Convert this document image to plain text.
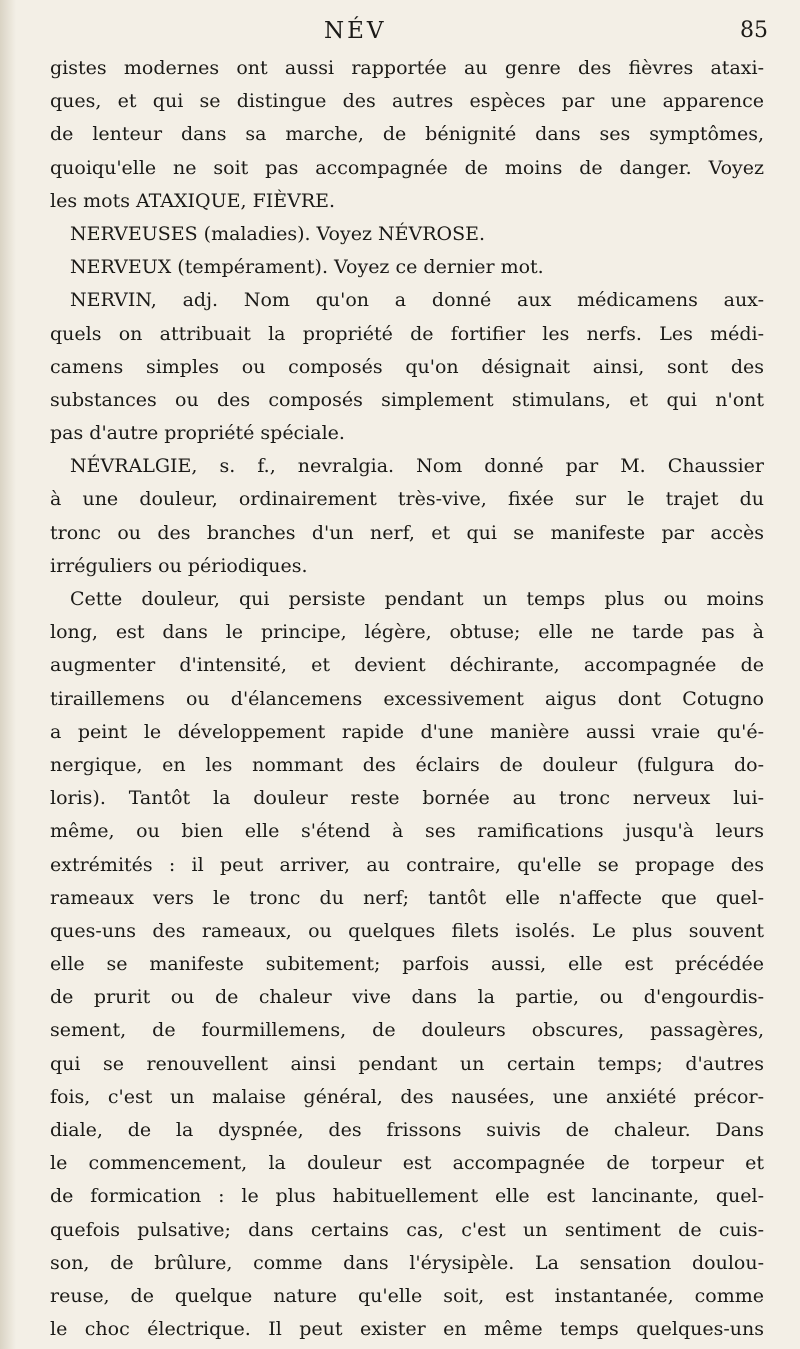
NÉV	85
gistes modernes ont aussi rapportée au genre des fièvres ataxi-
ques, et qui se distingue des autres espèces par une apparence
de lenteur dans sa marche, de bénignité dans ses symptômes,
quoiqu'elle ne soit pas accompagnée de moins de danger. Voyez
les mots ATAXIQUE, FIÈVRE.
NERVEUSES (maladies). Voyez NÉVROSE.
NERVEUX (tempérament). Voyez ce dernier mot.
NERVIN, adj. Nom qu'on a donné aux médicamens aux-
quels on attribuait la propriété de fortifier les nerfs. Les médi-
camens simples ou composés qu'on désignait ainsi, sont des
substances ou des composés simplement stimulans, et qui n'ont
pas d'autre propriété spéciale.
NÉVRALGIE, s. f., nevralgia. Nom donné par M. Chaussier
à une douleur, ordinairement très-vive, fixée sur le trajet du
tronc ou des branches d'un nerf, et qui se manifeste par accès
irréguliers ou périodiques.
Cette douleur, qui persiste pendant un temps plus ou moins
long, est dans le principe, légère, obtuse; elle ne tarde pas à
augmenter d'intensité, et devient déchirante, accompagnée de
tiraillemens ou d'élancemens excessivement aigus dont Cotugno
a peint le développement rapide d'une manière aussi vraie qu'é-
nergique, en les nommant des éclairs de douleur (fulgura do-
loris). Tantôt la douleur reste bornée au tronc nerveux lui-
même, ou bien elle s'étend à ses ramifications jusqu'à leurs
extrémités : il peut arriver, au contraire, qu'elle se propage des
rameaux vers le tronc du nerf; tantôt elle n'affecte que quel-
ques-uns des rameaux, ou quelques filets isolés. Le plus souvent
elle se manifeste subitement; parfois aussi, elle est précédée
de prurit ou de chaleur vive dans la partie, ou d'engourdis-
sement, de fourmillemens, de douleurs obscures, passagères,
qui se renouvellent ainsi pendant un certain temps; d'autres
fois, c'est un malaise général, des nausées, une anxiété précor-
diale, de la dyspnée, des frissons suivis de chaleur. Dans
le commencement, la douleur est accompagnée de torpeur et
de formication : le plus habituellement elle est lancinante, quel-
quefois pulsative; dans certains cas, c'est un sentiment de cuis-
son, de brûlure, comme dans l'érysipèle. La sensation doulou-
reuse, de quelque nature qu'elle soit, est instantanée, comme
le choc électrique. Il peut exister en même temps quelques-uns
